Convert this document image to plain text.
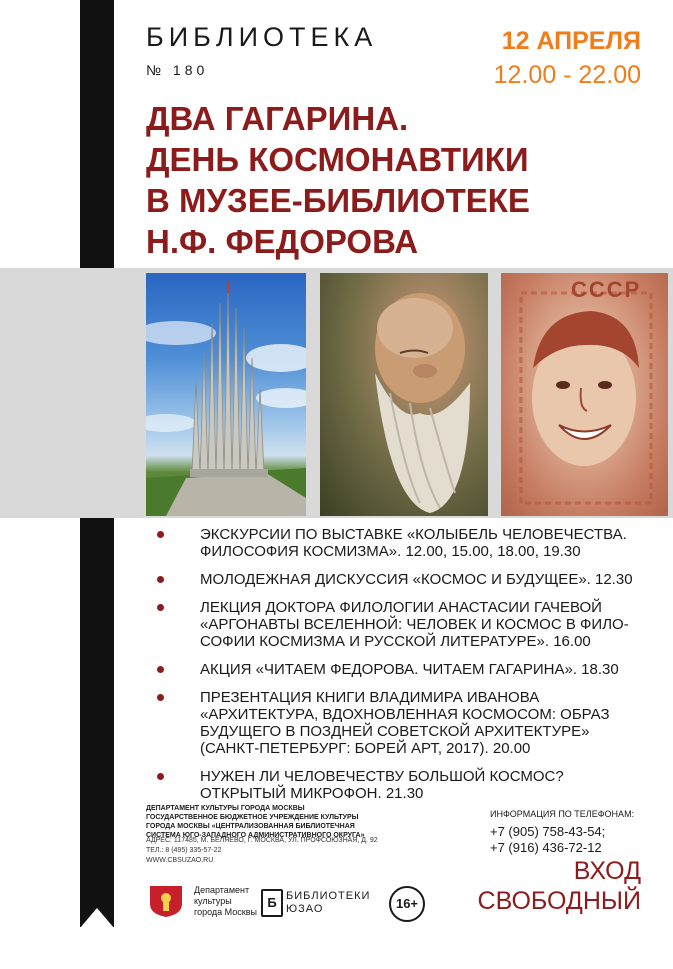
БИБЛИОТЕКА
№ 180
12 АПРЕЛЯ
12.00 - 22.00
ДВА ГАГАРИНА.
ДЕНЬ КОСМОНАВТИКИ
В МУЗЕЕ-БИБЛИОТЕКЕ
Н.Ф. ФЕДОРОВА
СССР
ЭКСКУРСИИ ПО ВЫСТАВКЕ «КОЛЫБЕЛЬ ЧЕЛОВЕЧЕСТВА.
ФИЛОСОФИЯ КОСМИЗМА». 12.00, 15.00, 18.00, 19.30
МОЛОДЕЖНАЯ ДИСКУССИЯ «КОСМОС И БУДУЩЕЕ». 12.30
ЛЕКЦИЯ ДОКТОРА ФИЛОЛОГИИ АНАСТАСИИ ГАЧЕВОЙ
«АРГОНАВТЫ ВСЕЛЕННОЙ: ЧЕЛОВЕК И КОСМОС В ФИЛО-
СОФИИ КОСМИЗМА И РУССКОЙ ЛИТЕРАТУРЕ». 16.00
АКЦИЯ «ЧИТАЕМ ФЕДОРОВА. ЧИТАЕМ ГАГАРИНА». 18.30
ПРЕЗЕНТАЦИЯ КНИГИ ВЛАДИМИРА ИВАНОВА
«АРХИТЕКТУРА, ВДОХНОВЛЕННАЯ КОСМОСОМ: ОБРАЗ
БУДУЩЕГО В ПОЗДНЕЙ СОВЕТСКОЙ АРХИТЕКТУРЕ»
(САНКТ-ПЕТЕРБУРГ: БОРЕЙ АРТ, 2017). 20.00
НУЖЕН ЛИ ЧЕЛОВЕЧЕСТВУ БОЛЬШОЙ КОСМОС?
ОТКРЫТЫЙ МИКРОФОН. 21.30
ДЕПАРТАМЕНТ КУЛЬТУРЫ ГОРОДА МОСКВЫ
ГОСУДАРСТВЕННОЕ БЮДЖЕТНОЕ УЧРЕЖДЕНИЕ КУЛЬТУРЫ
ГОРОДА МОСКВЫ «ЦЕНТРАЛИЗОВАННАЯ БИБЛИОТЕЧНАЯ
СИСТЕМА ЮГО-ЗАПАДНОГО АДМИНИСТРАТИВНОГО ОКРУГА»
АДРЕС: 117485, М. БЕЛЯЕВО, Г. МОСКВА, УЛ. ПРОФСОЮЗНАЯ, Д. 92
ТЕЛ.: 8 (495) 335-57-22
WWW.CBSUZAO.RU
ИНФОРМАЦИЯ ПО ТЕЛЕФОНАМ:
+7 (905) 758-43-54;
+7 (916) 436-72-12
ВХОД
СВОБОДНЫЙ
Департамент
культуры
города Москвы
Б БИБЛИОТЕКИ
ЮЗАО	16+
